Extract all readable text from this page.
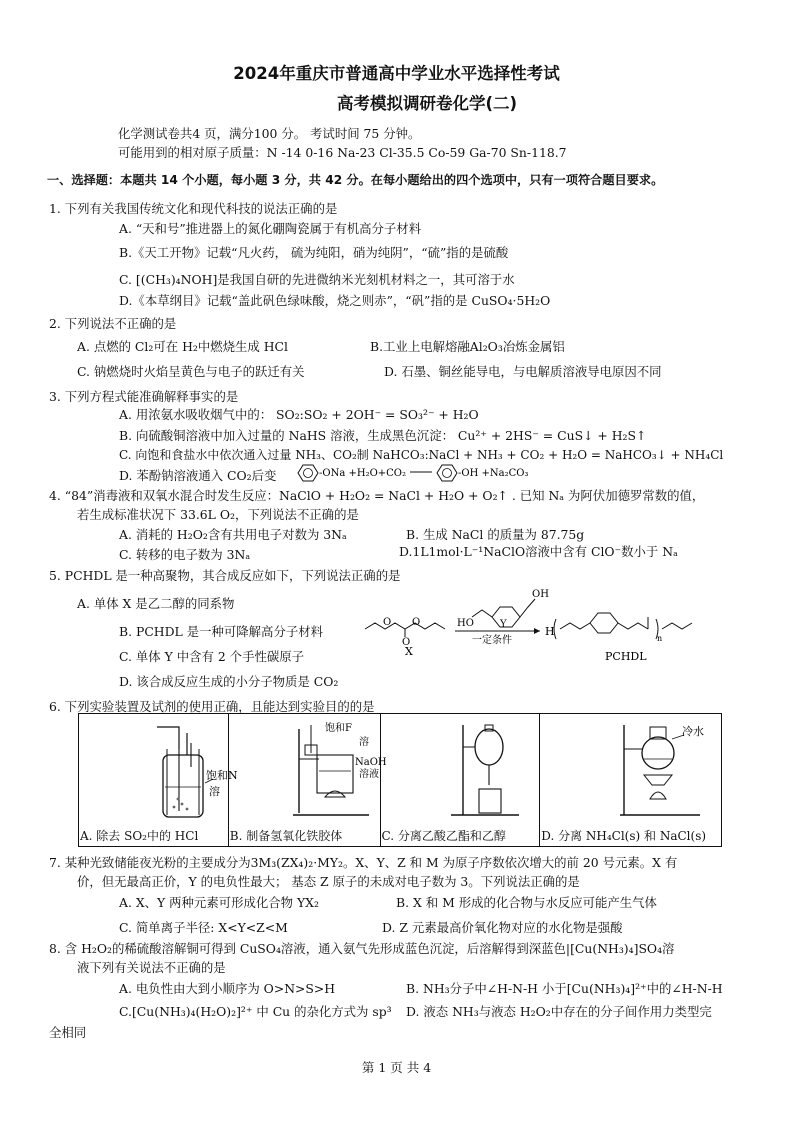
2024年重庆市普通高中学业水平选择性考试
高考模拟调研卷化学(二)
化学测试卷共4 页，满分100 分。 考试时间 75 分钟。
可能用到的相对原子质量：N -14 0-16 Na-23 Cl-35.5 Co-59 Ga-70 Sn-118.7
一、选择题：本题共 14 个小题，每小题 3 分，共 42 分。在每小题给出的四个选项中，只有一项符合题目要求。
1. 下列有关我国传统文化和现代科技的说法正确的是
A. “天和号”推进器上的氮化硼陶瓷属于有机高分子材料
B.《天工开物》记载“凡火药， 硫为纯阳，硝为纯阴”，“硫”指的是硫酸
C. [(CH₃)₄NOH]是我国自研的先进微纳米光刻机材料之一，其可溶于水
D.《本草纲目》记载“盖此矾色绿味酸，烧之则赤”，“矾”指的是 CuSO₄·5H₂O
2. 下列说法不正确的是
A. 点燃的 Cl₂可在 H₂中燃烧生成 HCl	B.工业上电解熔融Al₂O₃冶炼金属铝
C. 钠燃烧时火焰呈黄色与电子的跃迁有关	D. 石墨、铜丝能导电，与电解质溶液导电原因不同
3. 下列方程式能准确解释事实的是
A. 用浓氨水吸收烟气中的： SO₂:SO₂ + 2OH⁻ = SO₃²⁻ + H₂O
B. 向硫酸铜溶液中加入过量的 NaHS 溶液，生成黑色沉淀： Cu²⁺ + 2HS⁻ = CuS↓ + H₂S↑
C. 向饱和食盐水中依次通入过量 NH₃、CO₂制 NaHCO₃:NaCl + NH₃ + CO₂ + H₂O = NaHCO₃↓ + NH₄Cl
D. 苯酚钠溶液通入 CO₂后变	-ONa +H₂O+CO₂	-OH +Na₂CO₃
4. “84”消毒液和双氧水混合时发生反应：NaClO + H₂O₂ = NaCl + H₂O + O₂↑ . 已知 Nₐ 为阿伏加德罗常数的值，
若生成标准状况下 33.6L O₂，下列说法不正确的是
A. 消耗的 H₂O₂含有共用电子对数为 3Nₐ	B. 生成 NaCl 的质量为 87.75g
C. 转移的电子数为 3Nₐ	D.1L1mol·L⁻¹NaClO溶液中含有 ClO⁻数小于 Nₐ
5. PCHDL 是一种高聚物，其合成反应如下，下列说法正确的是
A. 单体 X 是乙二醇的同系物
B. PCHDL 是一种可降解高分子材料
C. 单体 Y 中含有 2 个手性碳原子
D. 该合成反应生成的小分子物质是 CO₂
O O
O
X
HO
OH
Y
一定条件
H
n
PCHDL
6. 下列实验装置及试剂的使用正确，且能达到实验目的的是
饱和N
溶
A. 除去 SO₂中的 HCl

饱和F
溶
NaOH
溶液
B. 制备氢氧化铁胶体	C. 分离乙酸乙酯和乙醇

冷水
D. 分离 NH₄Cl(s) 和 NaCl(s)
7. 某种光致储能夜光粉的主要成分为3M₃(ZX₄)₂·MY₂。X、Y、Z 和 M 为原子序数依次增大的前 20 号元素。X 有
价，但无最高正价，Y 的电负性最大； 基态 Z 原子的未成对电子数为 3。下列说法正确的是
A. X、Y 两种元素可形成化合物 YX₂	B. X 和 M 形成的化合物与水反应可能产生气体
C. 简单离子半径: X<Y<Z<M	D. Z 元素最高价氧化物对应的水化物是强酸
8. 含 H₂O₂的稀硫酸溶解铜可得到 CuSO₄溶液，通入氨气先形成蓝色沉淀，后溶解得到深蓝色|[Cu(NH₃)₄]SO₄溶
液下列有关说法不正确的是
A. 电负性由大到小顺序为 O>N>S>H	B. NH₃分子中∠H-N-H 小于[Cu(NH₃)₄]²⁺中的∠H-N-H
C.[Cu(NH₃)₄(H₂O)₂]²⁺ 中 Cu 的杂化方式为 sp³ D. 液态 NH₃与液态 H₂O₂中存在的分子间作用力类型完
全相同
第 1 页 共 4
